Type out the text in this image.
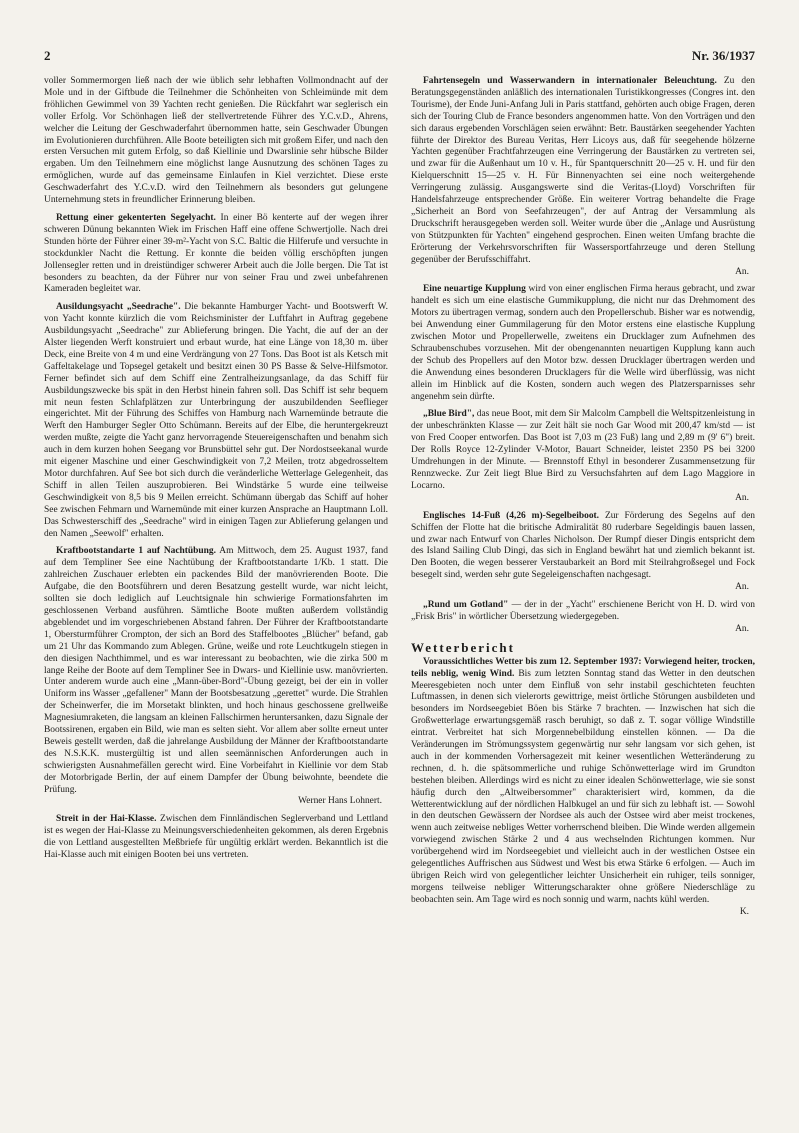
2	Nr. 36/1937

voller Sommermorgen ließ nach der wie üblich sehr lebhaften Vollmondnacht auf der Mole und in der Giftbude die Teilnehmer die Schönheiten von Schleimünde mit dem fröhlichen Gewimmel von 39 Yachten recht genießen. Die Rückfahrt war seglerisch ein voller Erfolg. Vor Schönhagen ließ der stellvertretende Führer des Y.C.v.D., Ahrens, welcher die Leitung der Geschwaderfahrt übernommen hatte, sein Geschwader Übungen im Evolutionieren durchführen. Alle Boote beteiligten sich mit großem Eifer, und nach den ersten Versuchen mit gutem Erfolg, so daß Kiellinie und Dwarslinie sehr hübsche Bilder ergaben. Um den Teilnehmern eine möglichst lange Ausnutzung des schönen Tages zu ermöglichen, wurde auf das gemeinsame Einlaufen in Kiel verzichtet. Diese erste Geschwaderfahrt des Y.C.v.D. wird den Teilnehmern als besonders gut gelungene Unternehmung stets in freundlicher Erinnerung bleiben.

Rettung einer gekenterten Segelyacht. In einer Bö kenterte auf der wegen ihrer schweren Dünung bekannten Wiek im Frischen Haff eine offene Schwertjolle. Nach drei Stunden hörte der Führer einer 39-m²-Yacht von S.C. Baltic die Hilferufe und versuchte in stockdunkler Nacht die Rettung. Er konnte die beiden völlig erschöpften jungen Jollensegler retten und in dreistündiger schwerer Arbeit auch die Jolle bergen. Die Tat ist besonders zu beachten, da der Führer nur von seiner Frau und zwei unbefahrenen Kameraden begleitet war.

Ausildungsyacht „Seedrache". Die bekannte Hamburger Yacht- und Bootswerft W. von Yacht konnte kürzlich die vom Reichsminister der Luftfahrt in Auftrag gegebene Ausbildungsyacht „Seedrache" zur Ablieferung bringen. Die Yacht, die auf der an der Alster liegenden Werft konstruiert und erbaut wurde, hat eine Länge von 18,30 m. über Deck, eine Breite von 4 m und eine Verdrängung von 27 Tons. Das Boot ist als Ketsch mit Gaffeltakelage und Topsegel getakelt und besitzt einen 30 PS Basse & Selve-Hilfsmotor. Ferner befindet sich auf dem Schiff eine Zentralheizungsanlage, da das Schiff für Ausbildungszwecke bis spät in den Herbst hinein fahren soll. Das Schiff ist sehr bequem mit neun festen Schlafplätzen zur Unterbringung der auszubildenden Seeflieger eingerichtet. Mit der Führung des Schiffes von Hamburg nach Warnemünde betraute die Werft den Hamburger Segler Otto Schümann. Bereits auf der Elbe, die heruntergekreuzt werden mußte, zeigte die Yacht ganz hervorragende Steuereigenschaften und benahm sich auch in dem kurzen hohen Seegang vor Brunsbüttel sehr gut. Der Nordostseekanal wurde mit eigener Maschine und einer Geschwindigkeit von 7,2 Meilen, trotz abgedrosseltem Motor durchfahren. Auf See bot sich durch die veränderliche Wetterlage Gelegenheit, das Schiff in allen Teilen auszuprobieren. Bei Windstärke 5 wurde eine teilweise Geschwindigkeit von 8,5 bis 9 Meilen erreicht. Schümann übergab das Schiff auf hoher See zwischen Fehmarn und Warnemünde mit einer kurzen Ansprache an Hauptmann Loll. Das Schwesterschiff des „Seedrache" wird in einigen Tagen zur Ablieferung gelangen und den Namen „Seewolf" erhalten.

Kraftbootstandarte 1 auf Nachtübung. Am Mittwoch, dem 25. August 1937, fand auf dem Templiner See eine Nachtübung der Kraftbootstandarte 1/Kb. 1 statt. Die zahlreichen Zuschauer erlebten ein packendes Bild der manövrierenden Boote. Die Aufgabe, die den Bootsführern und deren Besatzung gestellt wurde, war nicht leicht, sollten sie doch lediglich auf Leuchtsignale hin schwierige Formationsfahrten im geschlossenen Verband ausführen. Sämtliche Boote mußten außerdem vollständig abgeblendet und im vorgeschriebenen Abstand fahren. Der Führer der Kraftbootstandarte 1, Obersturmführer Crompton, der sich an Bord des Staffelbootes „Blücher" befand, gab um 21 Uhr das Kommando zum Ablegen. Grüne, weiße und rote Leuchtkugeln stiegen in den diesigen Nachthimmel, und es war interessant zu beobachten, wie die zirka 500 m lange Reihe der Boote auf dem Templiner See in Dwars- und Kiellinie usw. manövrierten. Unter anderem wurde auch eine „Mann-über-Bord"-Übung gezeigt, bei der ein in voller Uniform ins Wasser „gefallener" Mann der Bootsbesatzung „gerettet" wurde. Die Strahlen der Scheinwerfer, die im Morsetakt blinkten, und hoch hinaus geschossene grellweiße Magnesiumraketen, die langsam an kleinen Fallschirmen heruntersanken, dazu Signale der Bootssirenen, ergaben ein Bild, wie man es selten sieht. Vor allem aber sollte erneut unter Beweis gestellt werden, daß die jahrelange Ausbildung der Männer der Kraftbootstandarte des N.S.K.K. mustergültig ist und allen seemännischen Anforderungen auch in schwierigsten Ausnahmefällen gerecht wird. Eine Vorbeifahrt in Kiellinie vor dem Stab der Motorbrigade Berlin, der auf einem Dampfer der Übung beiwohnte, beendete die Prüfung.

Werner Hans Lohnert.

Streit in der Hai-Klasse. Zwischen dem Finnländischen Seglerverband und Lettland ist es wegen der Hai-Klasse zu Meinungsverschiedenheiten gekommen, als deren Ergebnis die von Lettland ausgestellten Meßbriefe für ungültig erklärt werden. Bekanntlich ist die Hai-Klasse auch mit einigen Booten bei uns vertreten.

Fahrtensegeln und Wasserwandern in internationaler Beleuchtung. Zu den Beratungsgegenständen anläßlich des internationalen Turistikkongresses (Congres int. den Tourisme), der Ende Juni-Anfang Juli in Paris stattfand, gehörten auch obige Fragen, deren sich der Touring Club de France besonders angenommen hatte. Von den Vorträgen und den sich daraus ergebenden Vorschlägen seien erwähnt: Betr. Baustärken seegehender Yachten führte der Direktor des Bureau Veritas, Herr Licoys aus, daß für seegehende hölzerne Yachten gegenüber Frachtfahrzeugen eine Verringerung der Baustärken zu vertreten sei, und zwar für die Außenhaut um 10 v. H., für Spantquerschnitt 20—25 v. H. und für den Kielquerschnitt 15—25 v. H. Für Binnenyachten sei eine noch weitergehende Verringerung zulässig. Ausgangswerte sind die Veritas-(Lloyd) Vorschriften für Handelsfahrzeuge entsprechender Größe. Ein weiterer Vortrag behandelte die Frage „Sicherheit an Bord von Seefahrzeugen", der auf Antrag der Versammlung als Druckschrift herausgegeben werden soll. Weiter wurde über die „Anlage und Ausrüstung von Stützpunkten für Yachten" eingehend gesprochen. Einen weiten Umfang brachte die Erörterung der Verkehrsvorschriften für Wassersportfahrzeuge und deren Stellung gegenüber der Berufsschiffahrt.

An.

Eine neuartige Kupplung wird von einer englischen Firma heraus gebracht, und zwar handelt es sich um eine elastische Gummikupplung, die nicht nur das Drehmoment des Motors zu übertragen vermag, sondern auch den Propellerschub. Bisher war es notwendig, bei Anwendung einer Gummilagerung für den Motor erstens eine elastische Kupplung zwischen Motor und Propellerwelle, zweitens ein Drucklager zum Aufnehmen des Schraubenschubes vorzusehen. Mit der obengenannten neuartigen Kupplung kann auch der Schub des Propellers auf den Motor bzw. dessen Drucklager übertragen werden und die Anwendung eines besonderen Drucklagers für die Welle wird überflüssig, was nicht allein im Hinblick auf die Kosten, sondern auch wegen des Platzersparnisses sehr angenehm sein dürfte.

„Blue Bird", das neue Boot, mit dem Sir Malcolm Campbell die Weltspitzenleistung in der unbeschränkten Klasse — zur Zeit hält sie noch Gar Wood mit 200,47 km/std — ist von Fred Cooper entworfen. Das Boot ist 7,03 m (23 Fuß) lang und 2,89 m (9' 6") breit. Der Rolls Royce 12-Zylinder V-Motor, Bauart Schneider, leistet 2350 PS bei 3200 Umdrehungen in der Minute. — Brennstoff Ethyl in besonderer Zusammensetzung für Rennzwecke. Zur Zeit liegt Blue Bird zu Versuchsfahrten auf dem Lago Maggiore in Locarno.

An.

Englisches 14-Fuß (4,26 m)-Segelbeiboot. Zur Förderung des Segelns auf den Schiffen der Flotte hat die britische Admiralität 80 ruderbare Segeldingis bauen lassen, und zwar nach Entwurf von Charles Nicholson. Der Rumpf dieser Dingis entspricht dem des Island Sailing Club Dingi, das sich in England bewährt hat und ziemlich bekannt ist. Den Booten, die wegen besserer Verstaubarkeit an Bord mit Steilrahgroßsegel und Fock besegelt sind, werden sehr gute Segeleigenschaften nachgesagt.

An.

„Rund um Gotland" — der in der „Yacht" erschienene Bericht von H. D. wird von „Frisk Bris" in wörtlicher Übersetzung wiedergegeben.

An.
Wetterbericht

Voraussichtliches Wetter bis zum 12. September 1937: Vorwiegend heiter, trocken, teils neblig, wenig Wind. Bis zum letzten Sonntag stand das Wetter in den deutschen Meeresgebieten noch unter dem Einfluß von sehr instabil geschichteten feuchten Luftmassen, in denen sich vielerorts gewittrige, meist örtliche Störungen ausbildeten und besonders im Nordseegebiet Böen bis Stärke 7 brachten. — Inzwischen hat sich die Großwetterlage erwartungsgemäß rasch beruhigt, so daß z. T. sogar völlige Windstille eintrat. Verbreitet hat sich Morgennebelbildung einstellen können. — Da die Veränderungen im Strömungssystem gegenwärtig nur sehr langsam vor sich gehen, ist auch in der kommenden Vorhersagezeit mit keiner wesentlichen Wetteränderung zu rechnen, d. h. die spätsommerliche und ruhige Schönwetterlage wird im Grundton bestehen bleiben. Allerdings wird es nicht zu einer idealen Schönwetterlage, wie sie sonst häufig durch den „Altweibersommer" charakterisiert wird, kommen, da die Wetterentwicklung auf der nördlichen Halbkugel an und für sich zu lebhaft ist. — Sowohl in den deutschen Gewässern der Nordsee als auch der Ostsee wird aber meist trockenes, wenn auch zeitweise nebliges Wetter vorherrschend bleiben. Die Winde werden allgemein vorwiegend zwischen Stärke 2 und 4 aus wechselnden Richtungen kommen. Nur vorübergehend wird im Nordseegebiet und vielleicht auch in der westlichen Ostsee ein gelegentliches Auffrischen aus Südwest und West bis etwa Stärke 6 erfolgen. — Auch im übrigen Reich wird von gelegentlicher leichter Unsicherheit ein ruhiger, teils sonniger, morgens teilweise nebliger Witterungscharakter ohne größere Niederschläge zu beobachten sein. Am Tage wird es noch sonnig und warm, nachts kühl werden.

K.
